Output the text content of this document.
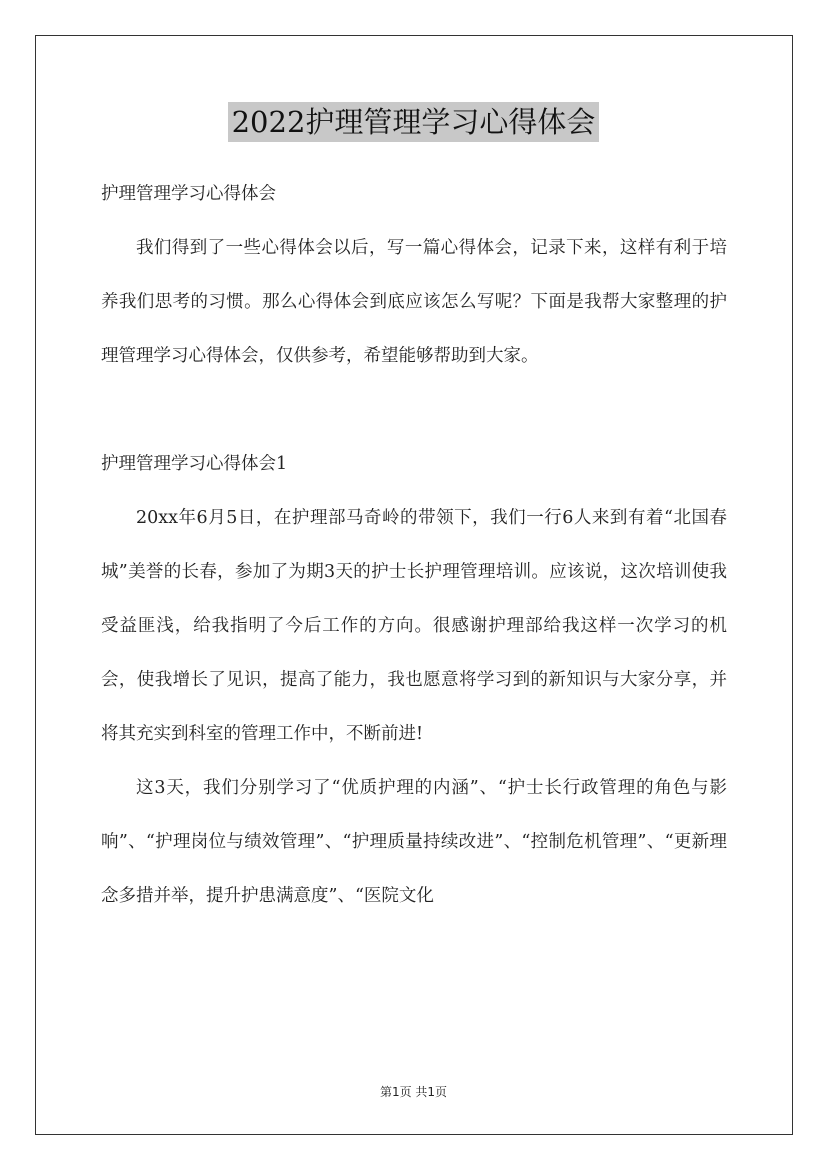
2022护理管理学习心得体会

护理管理学习心得体会

我们得到了一些心得体会以后，写一篇心得体会，记录下来，这样有利于培养我们思考的习惯。那么心得体会到底应该怎么写呢？下面是我帮大家整理的护理管理学习心得体会，仅供参考，希望能够帮助到大家。

护理管理学习心得体会1

20xx年6月5日，在护理部马奇岭的带领下，我们一行6人来到有着“北国春城”美誉的长春，参加了为期3天的护士长护理管理培训。应该说，这次培训使我受益匪浅，给我指明了今后工作的方向。很感谢护理部给我这样一次学习的机会，使我增长了见识，提高了能力，我也愿意将学习到的新知识与大家分享，并将其充实到科室的管理工作中，不断前进!

这3天，我们分别学习了“优质护理的内涵”、“护士长行政管理的角色与影响”、“护理岗位与绩效管理”、“护理质量持续改进”、“控制危机管理”、“更新理念多措并举，提升护患满意度”、“医院文化

第1页 共1页
